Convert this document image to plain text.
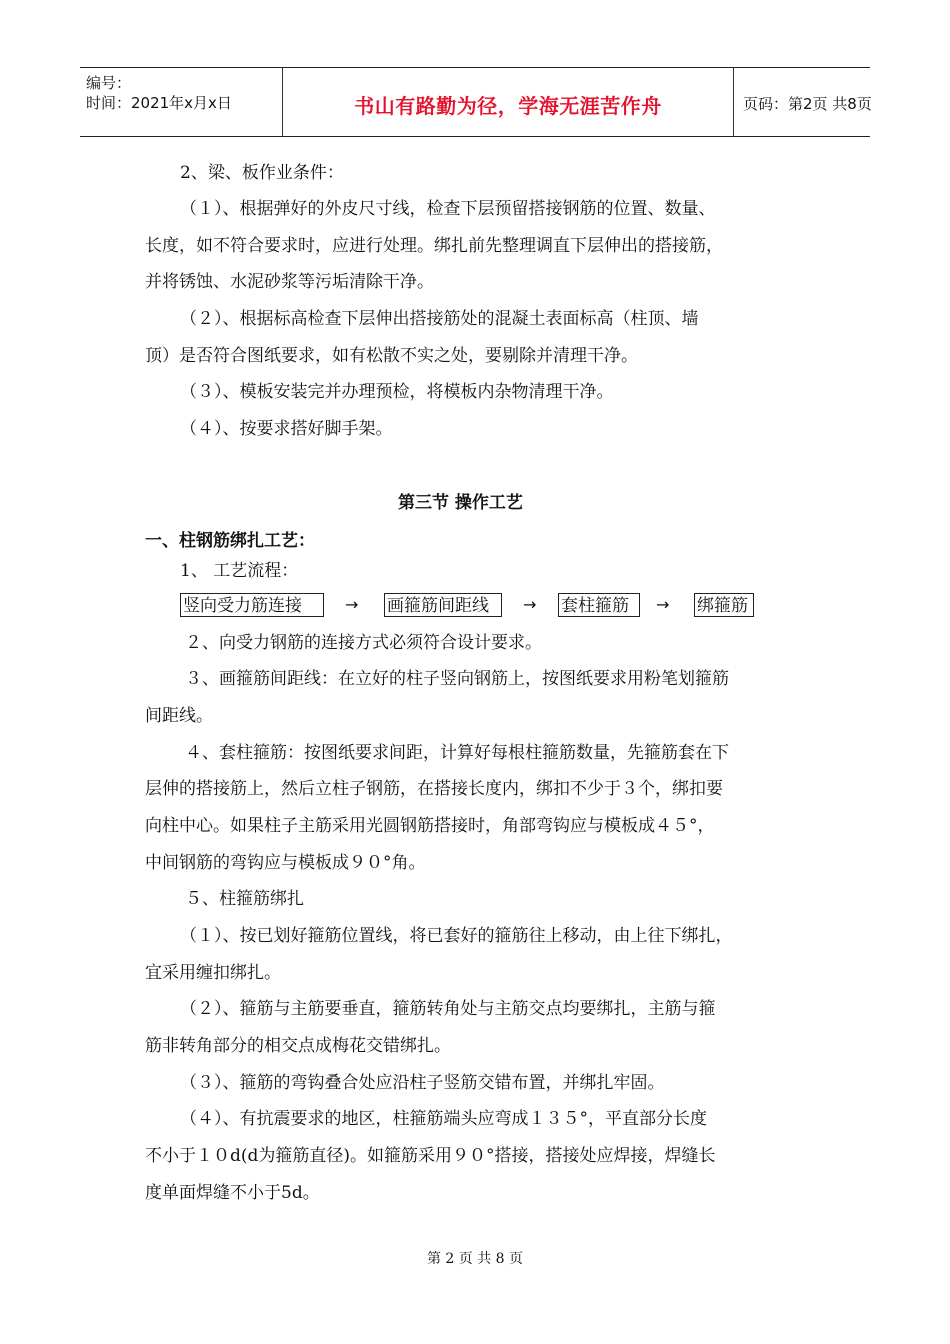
编号：
时间：2021年x月x日	书山有路勤为径，学海无涯苦作舟	页码：第2页 共8页
2、梁、板作业条件：
（１）、根据弹好的外皮尺寸线，检查下层预留搭接钢筋的位置、数量、
长度，如不符合要求时，应进行处理。绑扎前先整理调直下层伸出的搭接筋，
并将锈蚀、水泥砂浆等污垢清除干净。
（２）、根据标高检查下层伸出搭接筋处的混凝土表面标高（柱顶、墙
顶）是否符合图纸要求，如有松散不实之处，要剔除并清理干净。
（３）、模板安装完并办理预检，将模板内杂物清理干净。
（４）、按要求搭好脚手架。
第三节 操作工艺
一、柱钢筋绑扎工艺：
1、 工艺流程：
竖向受力筋连接	→ 画箍筋间距线	→ 套柱箍筋	→ 绑箍筋
２、向受力钢筋的连接方式必须符合设计要求。
３、画箍筋间距线：在立好的柱子竖向钢筋上，按图纸要求用粉笔划箍筋
间距线。
４、套柱箍筋：按图纸要求间距，计算好每根柱箍筋数量，先箍筋套在下
层伸的搭接筋上，然后立柱子钢筋，在搭接长度内，绑扣不少于３个，绑扣要
向柱中心。如果柱子主筋采用光圆钢筋搭接时，角部弯钩应与模板成４５°，
中间钢筋的弯钩应与模板成９０°角。
５、柱箍筋绑扎
（１）、按已划好箍筋位置线，将已套好的箍筋往上移动，由上往下绑扎，
宜采用缠扣绑扎。
（２）、箍筋与主筋要垂直，箍筋转角处与主筋交点均要绑扎，主筋与箍
筋非转角部分的相交点成梅花交错绑扎。
（３）、箍筋的弯钩叠合处应沿柱子竖筋交错布置，并绑扎牢固。
（４）、有抗震要求的地区，柱箍筋端头应弯成１３５°，平直部分长度
不小于１０d(d为箍筋直径)。如箍筋采用９０°搭接，搭接处应焊接，焊缝长
度单面焊缝不小于5d。
第 2 页 共 8 页
